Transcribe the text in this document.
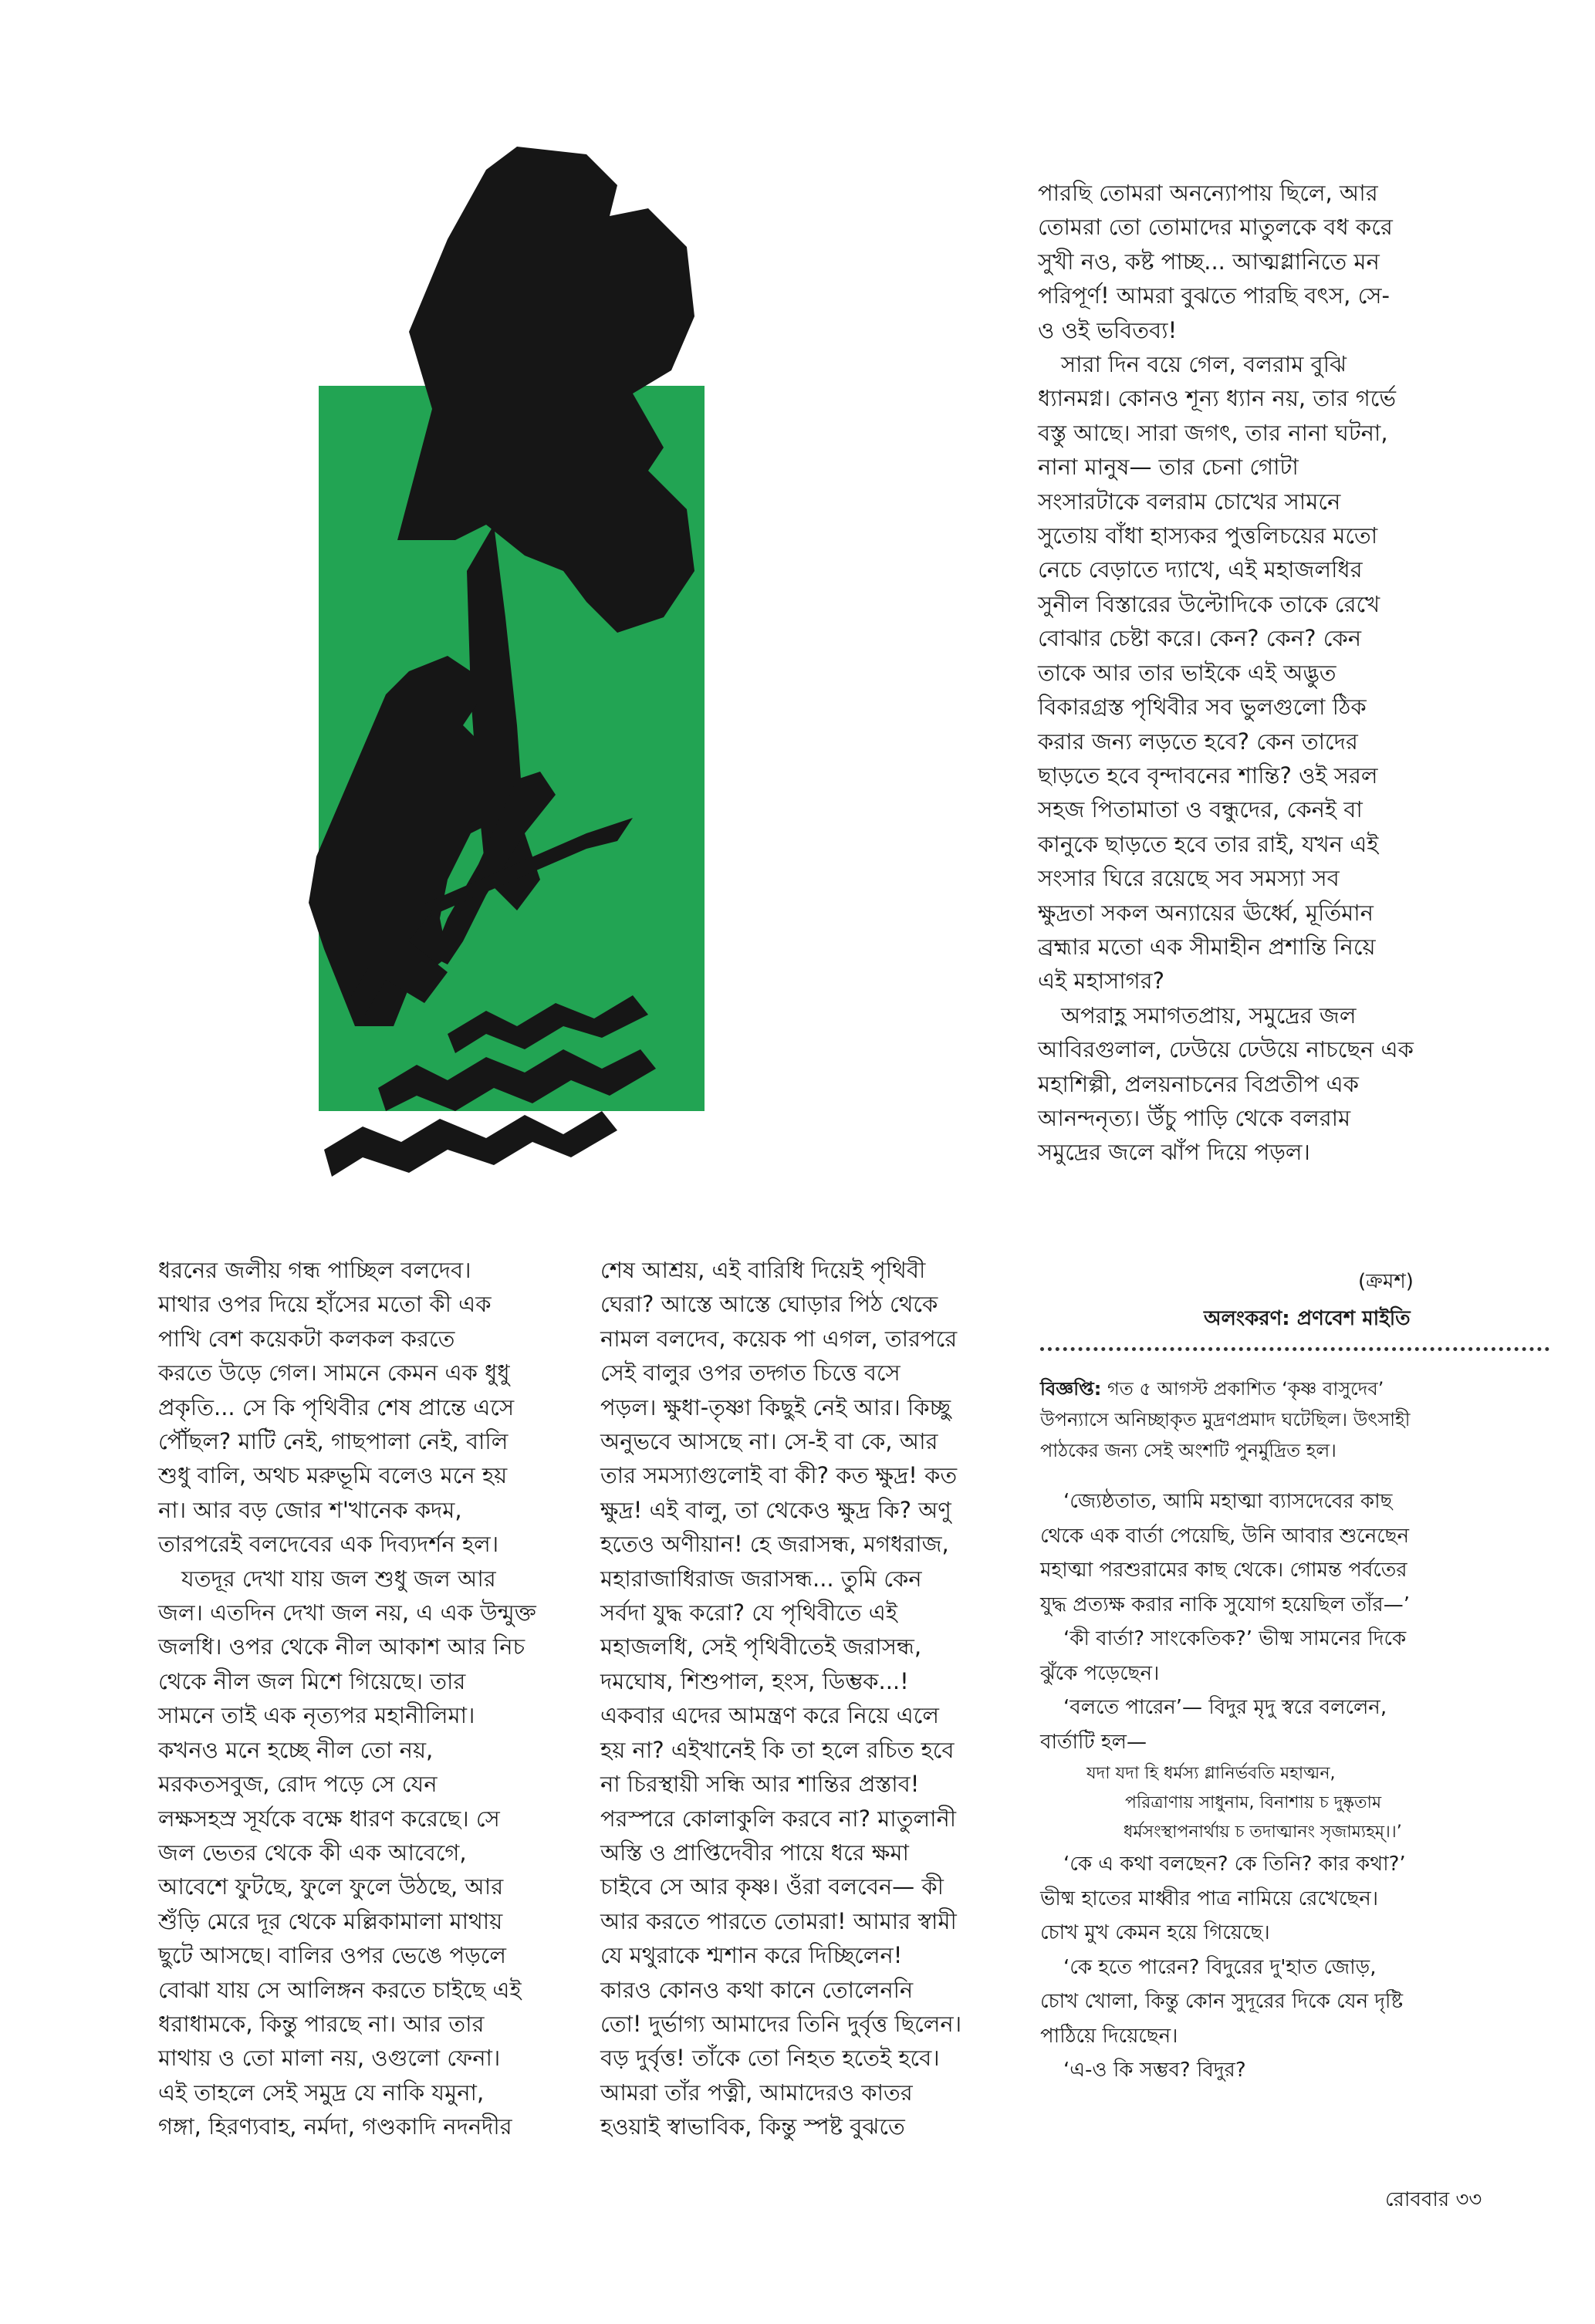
পারছি তোমরা অনন্যোপায় ছিলে, আর

তোমরা তো তোমাদের মাতুলকে বধ করে

সুখী নও, কষ্ট পাচ্ছ... আত্মগ্লানিতে মন

পরিপূর্ণ! আমরা বুঝতে পারছি বৎস, সে-

ও ওই ভবিতব্য!

সারা দিন বয়ে গেল, বলরাম বুঝি

ধ্যানমগ্ন। কোনও শূন্য ধ্যান নয়, তার গর্ভে

বস্তু আছে। সারা জগৎ, তার নানা ঘটনা,

নানা মানুষ— তার চেনা গোটা

সংসারটাকে বলরাম চোখের সামনে

সুতোয় বাঁধা হাস্যকর পুত্তলিচয়ের মতো

নেচে বেড়াতে দ্যাখে, এই মহাজলধির

সুনীল বিস্তারের উল্টোদিকে তাকে রেখে

বোঝার চেষ্টা করে। কেন? কেন? কেন

তাকে আর তার ভাইকে এই অদ্ভুত

বিকারগ্রস্ত পৃথিবীর সব ভুলগুলো ঠিক

করার জন্য লড়তে হবে? কেন তাদের

ছাড়তে হবে বৃন্দাবনের শান্তি? ওই সরল

সহজ পিতামাতা ও বন্ধুদের, কেনই বা

কানুকে ছাড়তে হবে তার রাই, যখন এই

সংসার ঘিরে রয়েছে সব সমস্যা সব

ক্ষুদ্রতা সকল অন্যায়ের ঊর্ধ্বে, মূর্তিমান

ব্রহ্মার মতো এক সীমাহীন প্রশান্তি নিয়ে

এই মহাসাগর?

অপরাহ্ণ সমাগতপ্রায়, সমুদ্রের জল

আবিরগুলাল, ঢেউয়ে ঢেউয়ে নাচছেন এক

মহাশিল্পী, প্রলয়নাচনের বিপ্রতীপ এক

আনন্দনৃত্য। উঁচু পাড়ি থেকে বলরাম

সমুদ্রের জলে ঝাঁপ দিয়ে পড়ল।

ধরনের জলীয় গন্ধ পাচ্ছিল বলদেব।

মাথার ওপর দিয়ে হাঁসের মতো কী এক

পাখি বেশ কয়েকটা কলকল করতে

করতে উড়ে গেল। সামনে কেমন এক ধুধু

প্রকৃতি... সে কি পৃথিবীর শেষ প্রান্তে এসে

পৌঁছল? মাটি নেই, গাছপালা নেই, বালি

শুধু বালি, অথচ মরুভূমি বলেও মনে হয়

না। আর বড় জোর শ'খানেক কদম,

তারপরেই বলদেবের এক দিব্যদর্শন হল।

যতদূর দেখা যায় জল শুধু জল আর

জল। এতদিন দেখা জল নয়, এ এক উন্মুক্ত

জলধি। ওপর থেকে নীল আকাশ আর নিচ

থেকে নীল জল মিশে গিয়েছে। তার

সামনে তাই এক নৃত্যপর মহানীলিমা।

কখনও মনে হচ্ছে নীল তো নয়,

মরকতসবুজ, রোদ পড়ে সে যেন

লক্ষসহস্র সূর্যকে বক্ষে ধারণ করেছে। সে

জল ভেতর থেকে কী এক আবেগে,

আবেশে ফুটছে, ফুলে ফুলে উঠছে, আর

শুঁড়ি মেরে দূর থেকে মল্লিকামালা মাথায়

ছুটে আসছে। বালির ওপর ভেঙে পড়লে

বোঝা যায় সে আলিঙ্গন করতে চাইছে এই

ধরাধামকে, কিন্তু পারছে না। আর তার

মাথায় ও তো মালা নয়, ওগুলো ফেনা।

এই তাহলে সেই সমুদ্র যে নাকি যমুনা,

গঙ্গা, হিরণ্যবাহ, নর্মদা, গণ্ডকাদি নদনদীর

শেষ আশ্রয়, এই বারিধি দিয়েই পৃথিবী

ঘেরা? আস্তে আস্তে ঘোড়ার পিঠ থেকে

নামল বলদেব, কয়েক পা এগল, তারপরে

সেই বালুর ওপর তদ্গত চিত্তে বসে

পড়ল। ক্ষুধা-তৃষ্ণা কিছুই নেই আর। কিচ্ছু

অনুভবে আসছে না। সে-ই বা কে, আর

তার সমস্যাগুলোই বা কী? কত ক্ষুদ্র! কত

ক্ষুদ্র! এই বালু, তা থেকেও ক্ষুদ্র কি? অণু

হতেও অণীয়ান! হে জরাসন্ধ, মগধরাজ,

মহারাজাধিরাজ জরাসন্ধ... তুমি কেন

সর্বদা যুদ্ধ করো? যে পৃথিবীতে এই

মহাজলধি, সেই পৃথিবীতেই জরাসন্ধ,

দমঘোষ, শিশুপাল, হংস, ডিম্ভক...!

একবার এদের আমন্ত্রণ করে নিয়ে এলে

হয় না? এইখানেই কি তা হলে রচিত হবে

না চিরস্থায়ী সন্ধি আর শান্তির প্রস্তাব!

পরস্পরে কোলাকুলি করবে না? মাতুলানী

অস্তি ও প্রাপ্তিদেবীর পায়ে ধরে ক্ষমা

চাইবে সে আর কৃষ্ণ। ওঁরা বলবেন— কী

আর করতে পারতে তোমরা! আমার স্বামী

যে মথুরাকে শ্মশান করে দিচ্ছিলেন!

কারও কোনও কথা কানে তোলেননি

তো! দুর্ভাগ্য আমাদের তিনি দুর্বৃত্ত ছিলেন।

বড় দুর্বৃত্ত! তাঁকে তো নিহত হতেই হবে।

আমরা তাঁর পত্নী, আমাদেরও কাতর

হওয়াই স্বাভাবিক, কিন্তু স্পষ্ট বুঝতে

(ক্রমশ)
অলংকরণ: প্রণবেশ মাইতি

বিজ্ঞপ্তি: গত ৫ আগস্ট প্রকাশিত ‘কৃষ্ণ বাসুদেব’

উপন্যাসে অনিচ্ছাকৃত মুদ্রণপ্রমাদ ঘটেছিল। উৎসাহী

পাঠকের জন্য সেই অংশটি পুনর্মুদ্রিত হল।

‘জ্যেষ্ঠতাত, আমি মহাত্মা ব্যাসদেবের কাছ

থেকে এক বার্তা পেয়েছি, উনি আবার শুনেছেন

মহাত্মা পরশুরামের কাছ থেকে। গোমন্ত পর্বতের

যুদ্ধ প্রত্যক্ষ করার নাকি সুযোগ হয়েছিল তাঁর—’

‘কী বার্তা? সাংকেতিক?’ ভীষ্ম সামনের দিকে

ঝুঁকে পড়েছেন।

‘বলতে পারেন’— বিদুর মৃদু স্বরে বললেন,

বার্তাটি হল—

যদা যদা হি ধর্মস্য গ্লানির্ভবতি মহাত্মন,

পরিত্রাণায় সাধুনাম, বিনাশায় চ দুষ্কৃতাম

ধর্মসংস্থাপনার্থায় চ তদাত্মানং সৃজাম্যহম্।।’

‘কে এ কথা বলছেন? কে তিনি? কার কথা?’

ভীষ্ম হাতের মাধ্বীর পাত্র নামিয়ে রেখেছেন।

চোখ মুখ কেমন হয়ে গিয়েছে।

‘কে হতে পারেন? বিদুরের দু'হাত জোড়,

চোখ খোলা, কিন্তু কোন সুদূরের দিকে যেন দৃষ্টি

পাঠিয়ে দিয়েছেন।

‘এ-ও কি সম্ভব? বিদুর?

রোববার ৩৩
